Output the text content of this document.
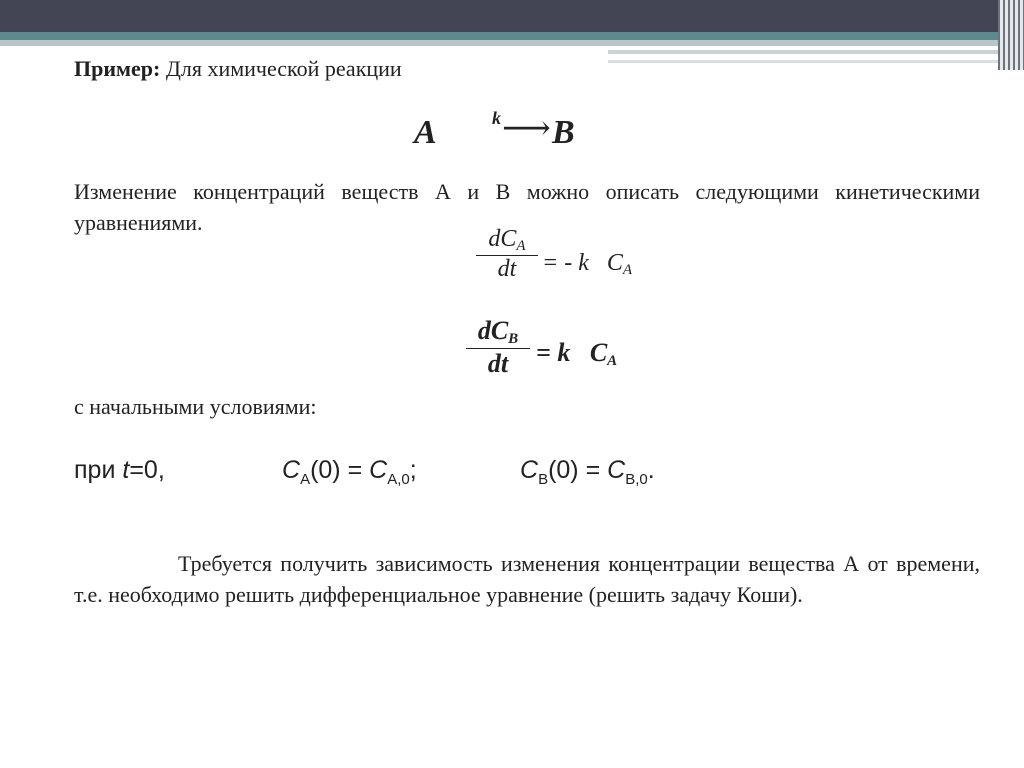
Пример: Для химической реакции
A	k ⟶ B
Изменение концентраций веществ А и В можно описать следующими кинетическими уравнениями.
$dC_A$
dt	= - k   $C_A$
$dC_B$
dt	= k   $C_A$
с начальными условиями:
при t=0,	$C_A(0) = C_{A,0}$;	$C_B(0) = C_{B,0}$.
Требуется получить зависимость изменения концентрации вещества А от времени, т.е. необходимо решить дифференциальное уравнение (решить задачу Коши).
